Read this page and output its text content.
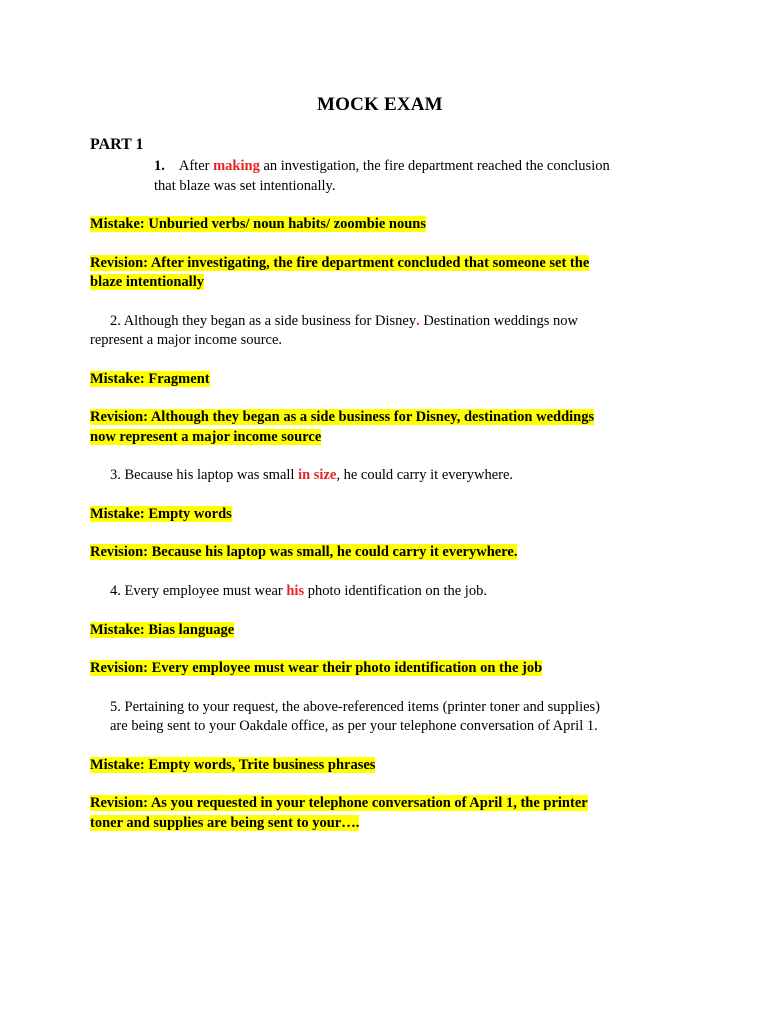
MOCK EXAM
PART 1
1. After making an investigation, the fire department reached the conclusion
that blaze was set intentionally.
Mistake: Unburied verbs/ noun habits/ zoombie nouns
Revision: After investigating, the fire department concluded that someone set the
blaze intentionally
2. Although they began as a side business for Disney. Destination weddings now
represent a major income source.
Mistake: Fragment
Revision: Although they began as a side business for Disney, destination weddings
now represent a major income source
3. Because his laptop was small in size, he could carry it everywhere.
Mistake: Empty words
Revision: Because his laptop was small, he could carry it everywhere.
4. Every employee must wear his photo identification on the job.
Mistake: Bias language
Revision: Every employee must wear their photo identification on the job
5. Pertaining to your request, the above-referenced items (printer toner and supplies)
are being sent to your Oakdale office, as per your telephone conversation of April 1.
Mistake: Empty words, Trite business phrases
Revision: As you requested in your telephone conversation of April 1, the printer
toner and supplies are being sent to your….
